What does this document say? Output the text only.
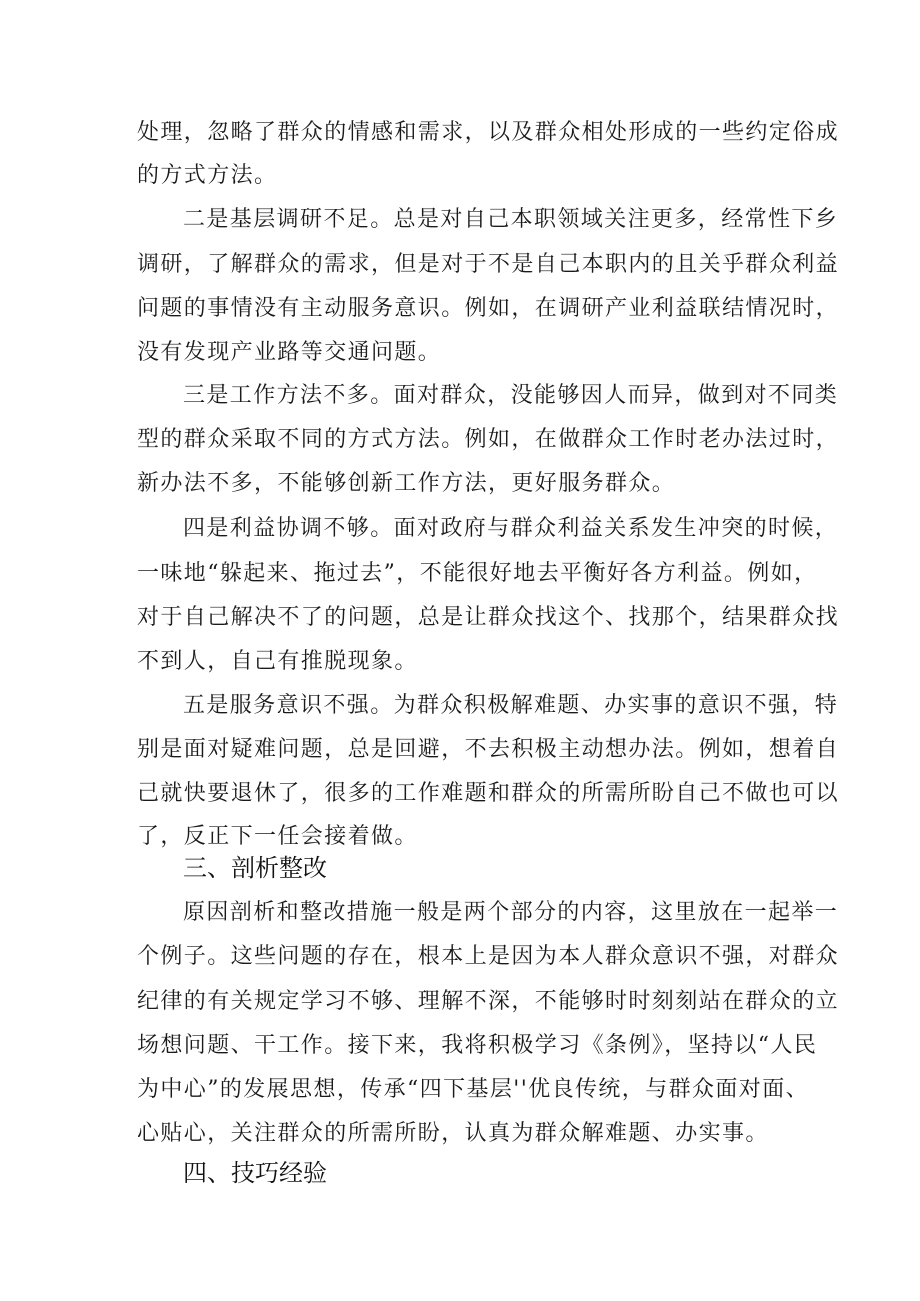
处理，忽略了群众的情感和需求，以及群众相处形成的一些约定俗成
的方式方法。
二是基层调研不足。总是对自己本职领域关注更多，经常性下乡
调研，了解群众的需求，但是对于不是自己本职内的且关乎群众利益
问题的事情没有主动服务意识。例如，在调研产业利益联结情况时，
没有发现产业路等交通问题。
三是工作方法不多。面对群众，没能够因人而异，做到对不同类
型的群众采取不同的方式方法。例如，在做群众工作时老办法过时，
新办法不多，不能够创新工作方法，更好服务群众。
四是利益协调不够。面对政府与群众利益关系发生冲突的时候，
一味地“躲起来、拖过去”，不能很好地去平衡好各方利益。例如，
对于自己解决不了的问题，总是让群众找这个、找那个，结果群众找
不到人，自己有推脱现象。
五是服务意识不强。为群众积极解难题、办实事的意识不强，特
别是面对疑难问题，总是回避，不去积极主动想办法。例如，想着自
己就快要退休了，很多的工作难题和群众的所需所盼自己不做也可以
了，反正下一任会接着做。
三、剖析整改
原因剖析和整改措施一般是两个部分的内容，这里放在一起举一
个例子。这些问题的存在，根本上是因为本人群众意识不强，对群众
纪律的有关规定学习不够、理解不深，不能够时时刻刻站在群众的立
场想问题、干工作。接下来，我将积极学习《条例》，坚持以“人民
为中心”的发展思想，传承“四下基层''优良传统，与群众面对面、
心贴心，关注群众的所需所盼，认真为群众解难题、办实事。
四、技巧经验
